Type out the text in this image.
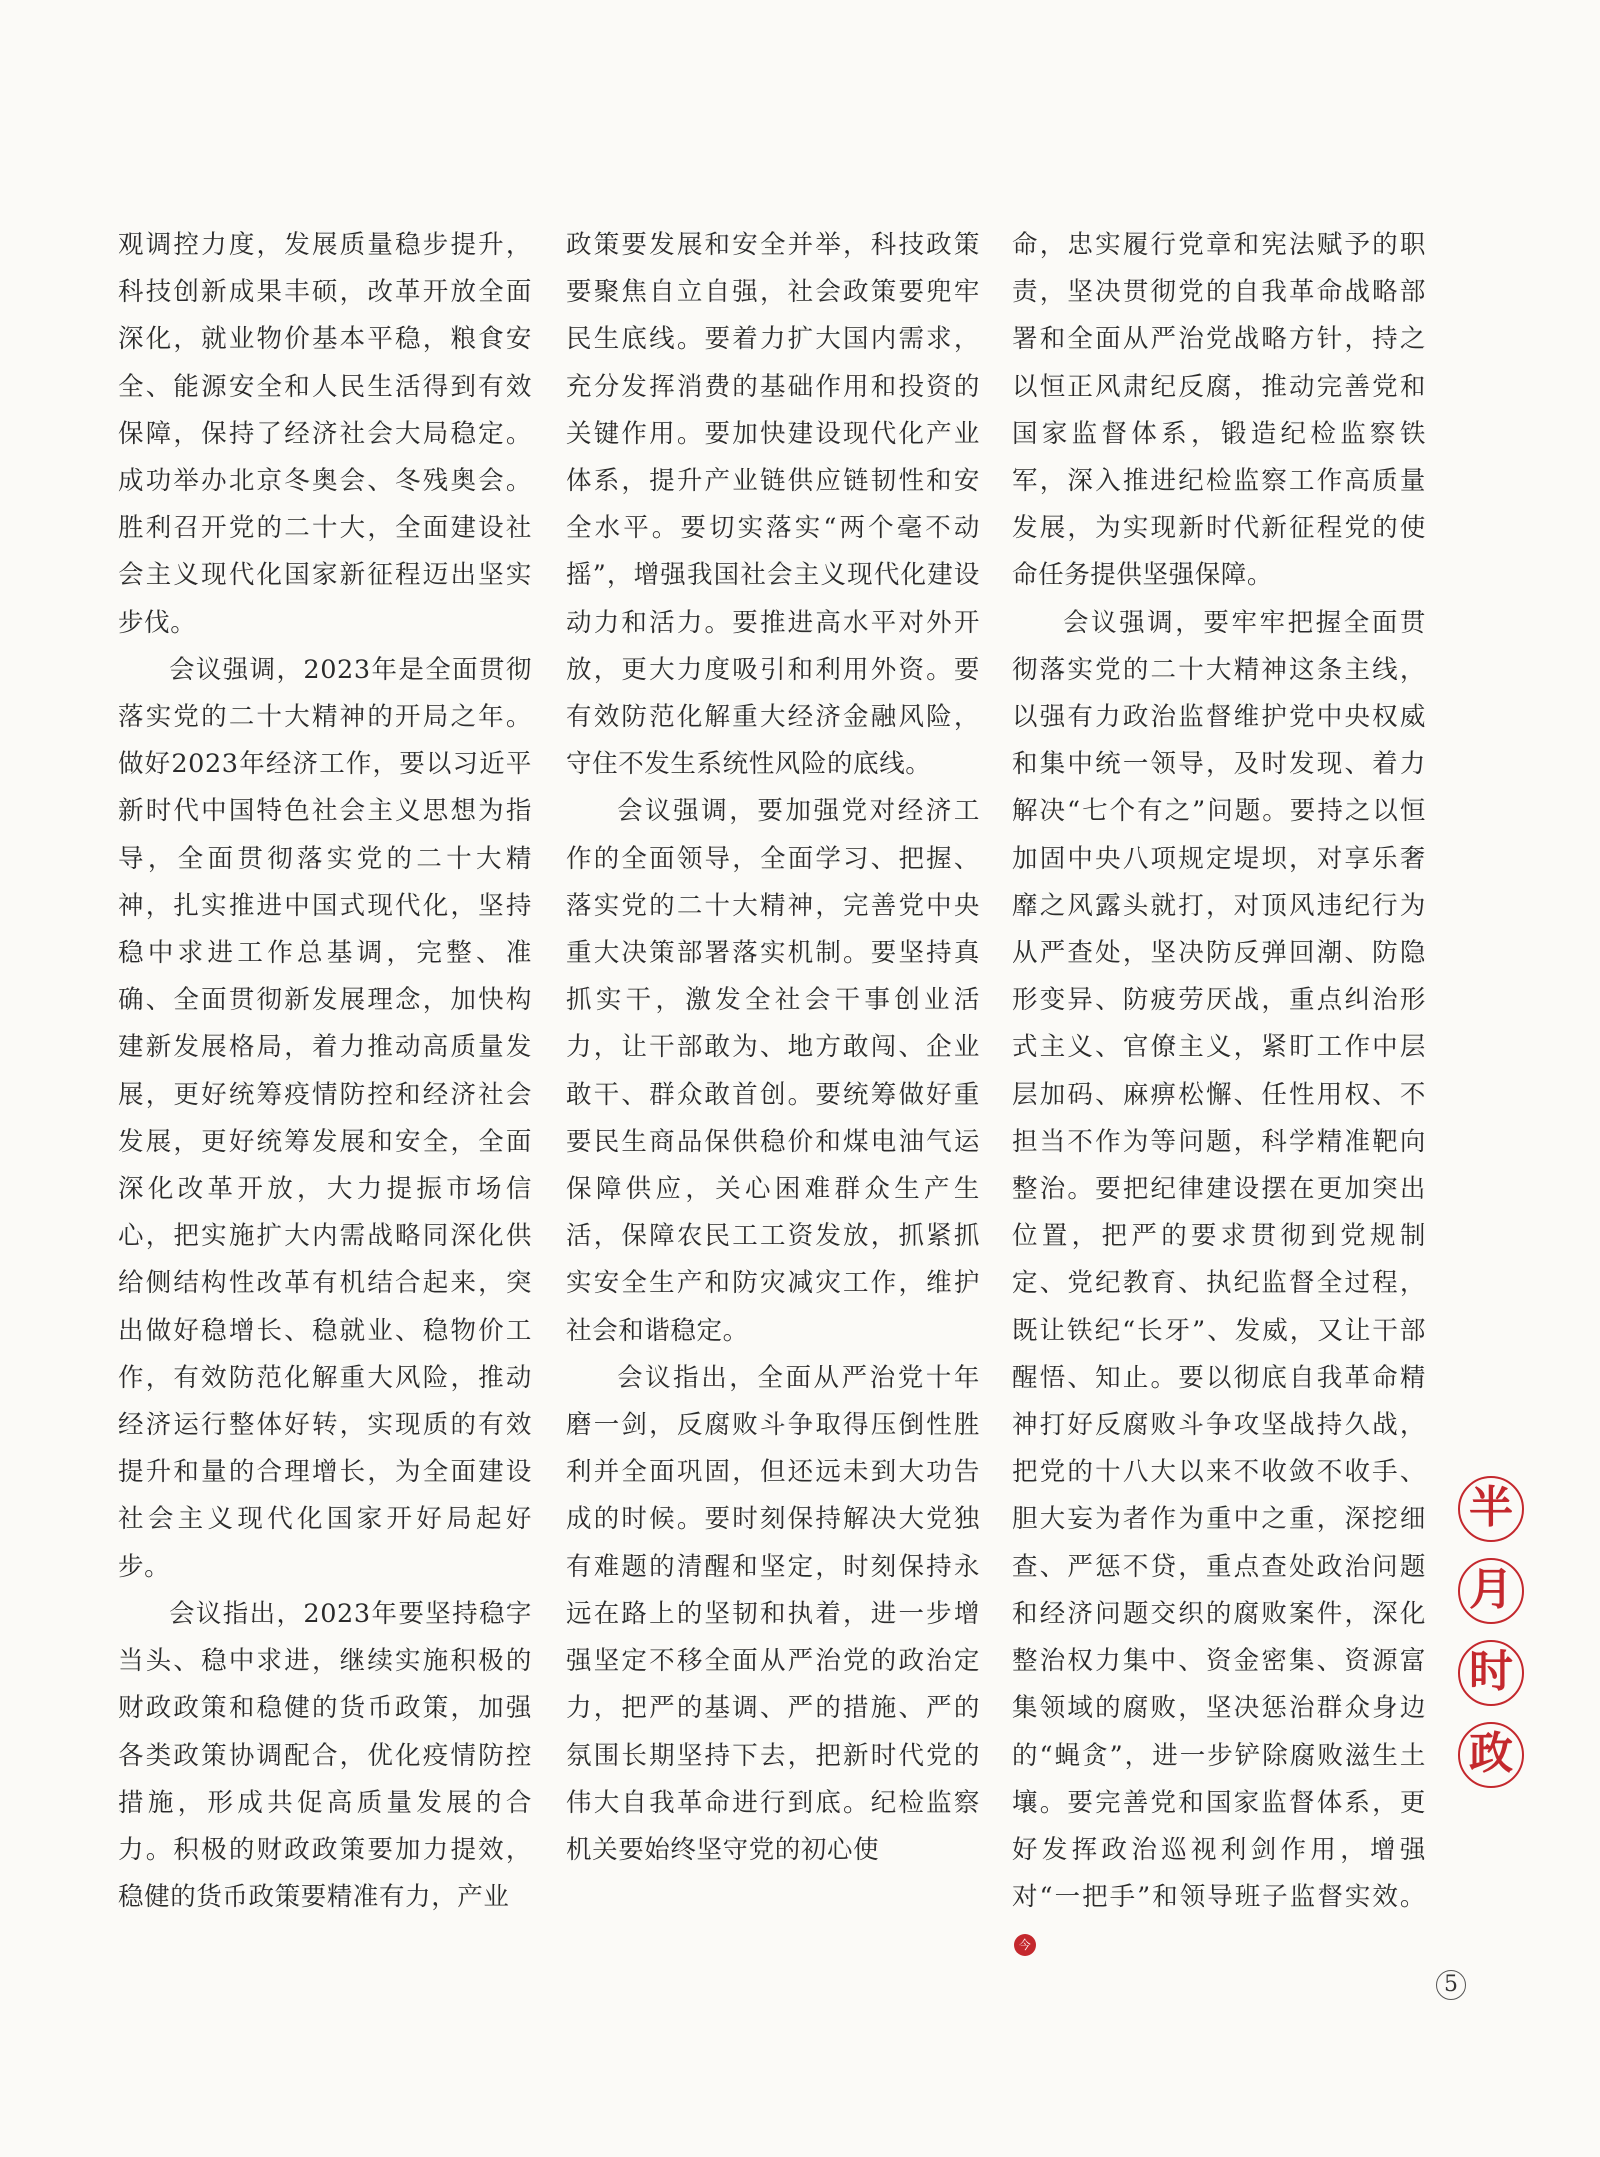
观调控力度，发展质量稳步提升，科技创新成果丰硕，改革开放全面深化，就业物价基本平稳，粮食安全、能源安全和人民生活得到有效保障，保持了经济社会大局稳定。成功举办北京冬奥会、冬残奥会。胜利召开党的二十大，全面建设社会主义现代化国家新征程迈出坚实步伐。

会议强调，2023年是全面贯彻落实党的二十大精神的开局之年。做好2023年经济工作，要以习近平新时代中国特色社会主义思想为指导，全面贯彻落实党的二十大精神，扎实推进中国式现代化，坚持稳中求进工作总基调，完整、准确、全面贯彻新发展理念，加快构建新发展格局，着力推动高质量发展，更好统筹疫情防控和经济社会发展，更好统筹发展和安全，全面深化改革开放，大力提振市场信心，把实施扩大内需战略同深化供给侧结构性改革有机结合起来，突出做好稳增长、稳就业、稳物价工作，有效防范化解重大风险，推动经济运行整体好转，实现质的有效提升和量的合理增长，为全面建设社会主义现代化国家开好局起好步。

会议指出，2023年要坚持稳字当头、稳中求进，继续实施积极的财政政策和稳健的货币政策，加强各类政策协调配合，优化疫情防控措施，形成共促高质量发展的合力。积极的财政政策要加力提效，稳健的货币政策要精准有力，产业

政策要发展和安全并举，科技政策要聚焦自立自强，社会政策要兜牢民生底线。要着力扩大国内需求，充分发挥消费的基础作用和投资的关键作用。要加快建设现代化产业体系，提升产业链供应链韧性和安全水平。要切实落实“两个毫不动摇”，增强我国社会主义现代化建设动力和活力。要推进高水平对外开放，更大力度吸引和利用外资。要有效防范化解重大经济金融风险，守住不发生系统性风险的底线。

会议强调，要加强党对经济工作的全面领导，全面学习、把握、落实党的二十大精神，完善党中央重大决策部署落实机制。要坚持真抓实干，激发全社会干事创业活力，让干部敢为、地方敢闯、企业敢干、群众敢首创。要统筹做好重要民生商品保供稳价和煤电油气运保障供应，关心困难群众生产生活，保障农民工工资发放，抓紧抓实安全生产和防灾减灾工作，维护社会和谐稳定。

会议指出，全面从严治党十年磨一剑，反腐败斗争取得压倒性胜利并全面巩固，但还远未到大功告成的时候。要时刻保持解决大党独有难题的清醒和坚定，时刻保持永远在路上的坚韧和执着，进一步增强坚定不移全面从严治党的政治定力，把严的基调、严的措施、严的氛围长期坚持下去，把新时代党的伟大自我革命进行到底。纪检监察机关要始终坚守党的初心使

命，忠实履行党章和宪法赋予的职责，坚决贯彻党的自我革命战略部署和全面从严治党战略方针，持之以恒正风肃纪反腐，推动完善党和国家监督体系，锻造纪检监察铁军，深入推进纪检监察工作高质量发展，为实现新时代新征程党的使命任务提供坚强保障。

会议强调，要牢牢把握全面贯彻落实党的二十大精神这条主线，以强有力政治监督维护党中央权威和集中统一领导，及时发现、着力解决“七个有之”问题。要持之以恒加固中央八项规定堤坝，对享乐奢靡之风露头就打，对顶风违纪行为从严查处，坚决防反弹回潮、防隐形变异、防疲劳厌战，重点纠治形式主义、官僚主义，紧盯工作中层层加码、麻痹松懈、任性用权、不担当不作为等问题，科学精准靶向整治。要把纪律建设摆在更加突出位置，把严的要求贯彻到党规制定、党纪教育、执纪监督全过程，既让铁纪“长牙”、发威，又让干部醒悟、知止。要以彻底自我革命精神打好反腐败斗争攻坚战持久战，把党的十八大以来不收敛不收手、胆大妄为者作为重中之重，深挖细查、严惩不贷，重点查处政治问题和经济问题交织的腐败案件，深化整治权力集中、资金密集、资源富集领域的腐败，坚决惩治群众身边的“蝇贪”，进一步铲除腐败滋生土壤。要完善党和国家监督体系，更好发挥政治巡视利剑作用，增强对“一把手”和领导班子监督实效。今

半
月
时
政
5
